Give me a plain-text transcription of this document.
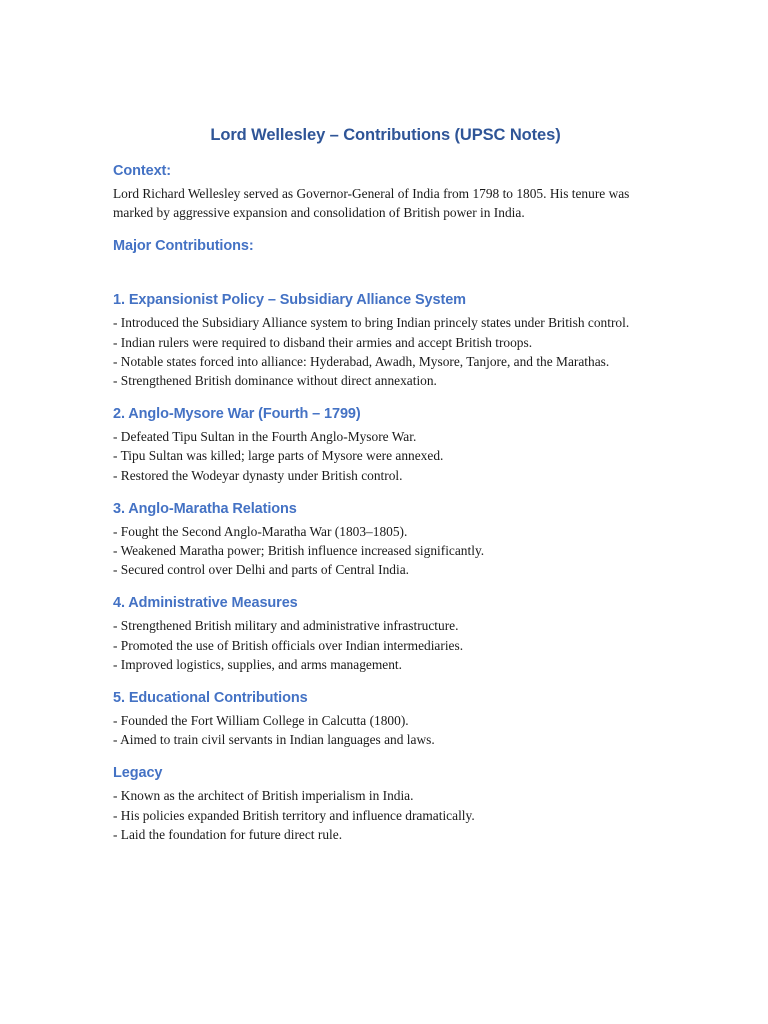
Lord Wellesley – Contributions (UPSC Notes)
Context:

Lord Richard Wellesley served as Governor-General of India from 1798 to 1805. His tenure was marked by aggressive expansion and consolidation of British power in India.

Major Contributions:
1. Expansionist Policy – Subsidiary Alliance System

- Introduced the Subsidiary Alliance system to bring Indian princely states under British control.

- Indian rulers were required to disband their armies and accept British troops.

- Notable states forced into alliance: Hyderabad, Awadh, Mysore, Tanjore, and the Marathas.

- Strengthened British dominance without direct annexation.

2. Anglo-Mysore War (Fourth – 1799)

- Defeated Tipu Sultan in the Fourth Anglo-Mysore War.

- Tipu Sultan was killed; large parts of Mysore were annexed.

- Restored the Wodeyar dynasty under British control.

3. Anglo-Maratha Relations

- Fought the Second Anglo-Maratha War (1803–1805).

- Weakened Maratha power; British influence increased significantly.

- Secured control over Delhi and parts of Central India.

4. Administrative Measures

- Strengthened British military and administrative infrastructure.

- Promoted the use of British officials over Indian intermediaries.

- Improved logistics, supplies, and arms management.

5. Educational Contributions

- Founded the Fort William College in Calcutta (1800).

- Aimed to train civil servants in Indian languages and laws.

Legacy

- Known as the architect of British imperialism in India.

- His policies expanded British territory and influence dramatically.

- Laid the foundation for future direct rule.
